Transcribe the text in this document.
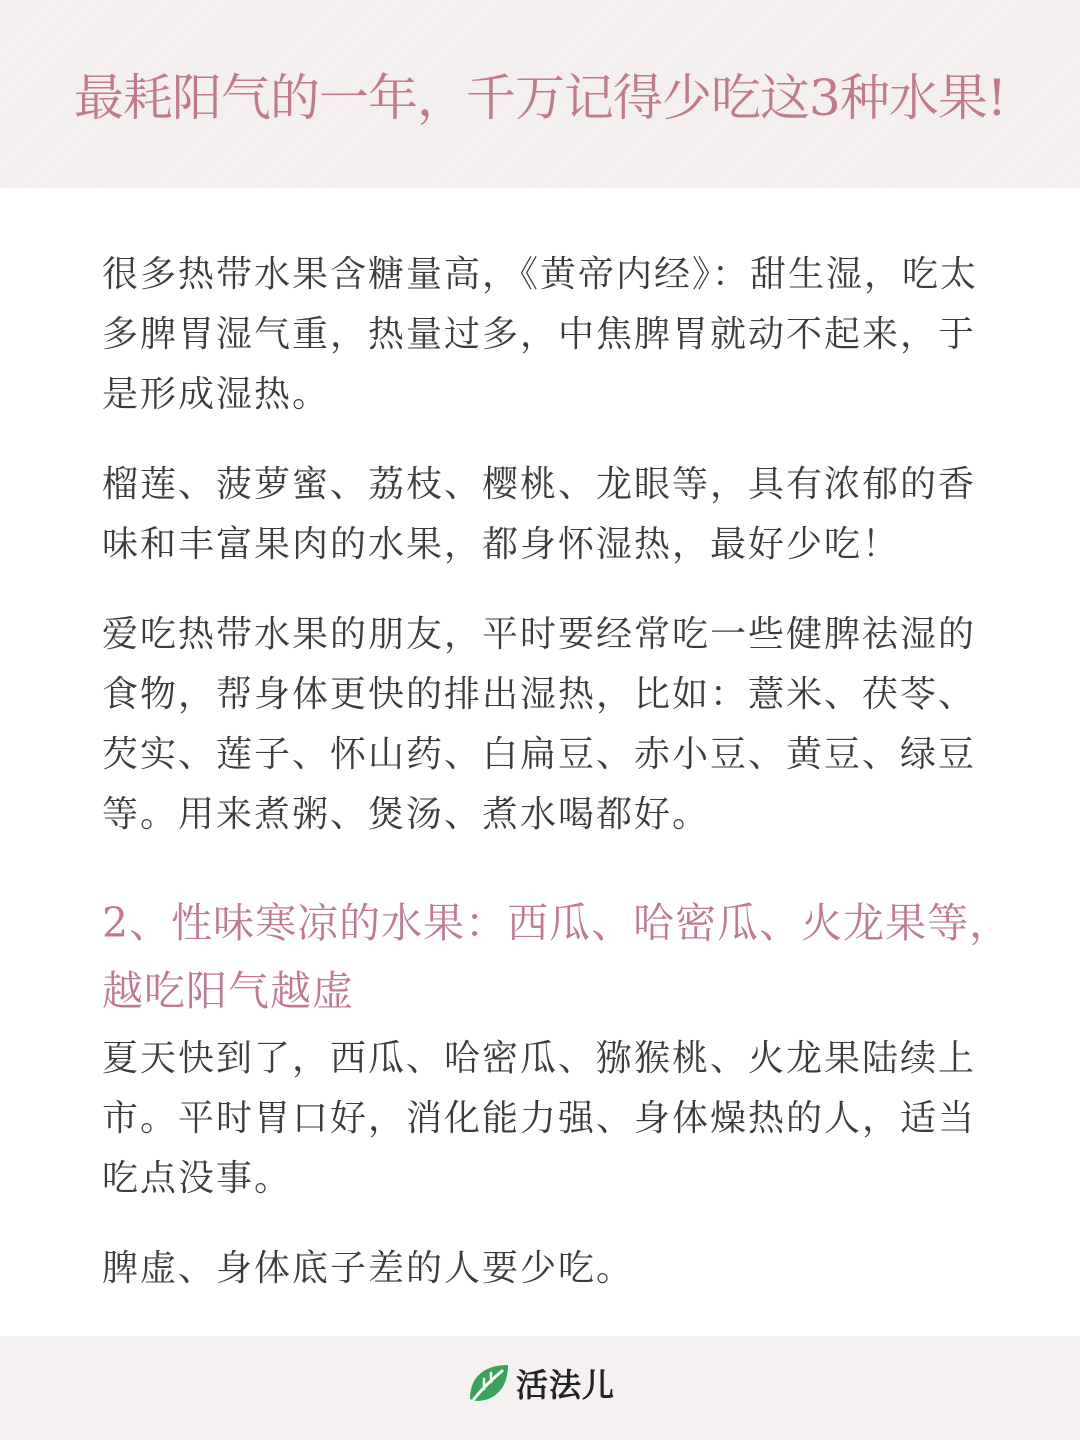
最耗阳气的一年，千万记得少吃这3种水果!

很多热带水果含糖量高，《黄帝内经》：甜生湿，吃太多脾胃湿气重，热量过多，中焦脾胃就动不起来，于是形成湿热。

榴莲、菠萝蜜、荔枝、樱桃、龙眼等，具有浓郁的香味和丰富果肉的水果，都身怀湿热，最好少吃！

爱吃热带水果的朋友，平时要经常吃一些健脾祛湿的食物，帮身体更快的排出湿热，比如：薏米、茯苓、芡实、莲子、怀山药、白扁豆、赤小豆、黄豆、绿豆等。用来煮粥、煲汤、煮水喝都好。

2、性味寒凉的水果：西瓜、哈密瓜、火龙果等，越吃阳气越虚

夏天快到了，西瓜、哈密瓜、猕猴桃、火龙果陆续上市。平时胃口好，消化能力强、身体燥热的人，适当吃点没事。

脾虚、身体底子差的人要少吃。

活法儿
